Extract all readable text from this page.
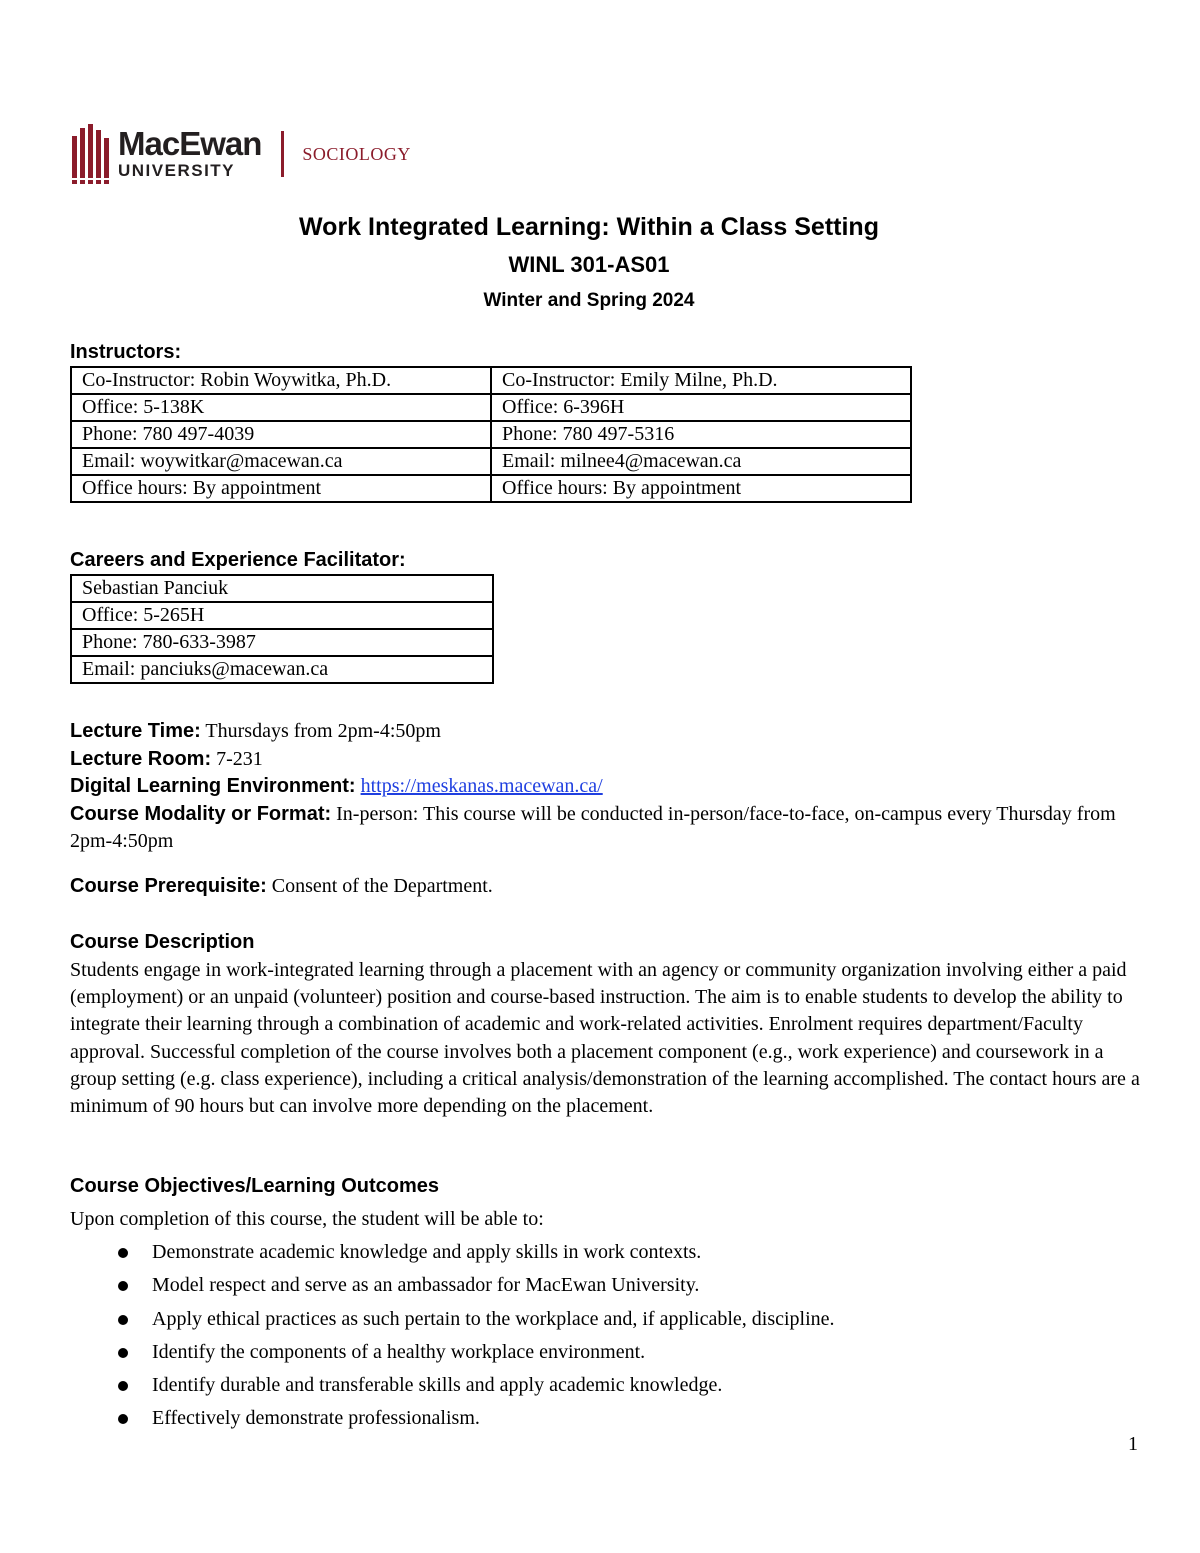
MacEwan
UNIVERSITY
SOCIOLOGY
Work Integrated Learning: Within a Class Setting
WINL 301-AS01
Winter and Spring 2024
Instructors:
Co-Instructor: Robin Woywitka, Ph.D.	Co-Instructor: Emily Milne, Ph.D.
Office: 5-138K	Office: 6-396H
Phone: 780 497-4039	Phone: 780 497-5316
Email: woywitkar@macewan.ca	Email: milnee4@macewan.ca
Office hours: By appointment	Office hours: By appointment
Careers and Experience Facilitator:
Sebastian Panciuk
Office: 5-265H
Phone: 780-633-3987
Email: panciuks@macewan.ca

Lecture Time: Thursdays from 2pm-4:50pm

Lecture Room: 7-231

Digital Learning Environment: https://meskanas.macewan.ca/

Course Modality or Format: In-person: This course will be conducted in-person/face-to-face, on-campus every Thursday from 2pm-4:50pm

Course Prerequisite: Consent of the Department.
Course Description
Students engage in work-integrated learning through a placement with an agency or community organization involving either a paid (employment) or an unpaid (volunteer) position and course-based instruction. The aim is to enable students to develop the ability to integrate their learning through a combination of academic and work-related activities. Enrolment requires department/Faculty approval. Successful completion of the course involves both a placement component (e.g., work experience) and coursework in a group setting (e.g. class experience), including a critical analysis/demonstration of the learning accomplished. The contact hours are a minimum of 90 hours but can involve more depending on the placement.
Course Objectives/Learning Outcomes
Upon completion of this course, the student will be able to:
Demonstrate academic knowledge and apply skills in work contexts.
Model respect and serve as an ambassador for MacEwan University.
Apply ethical practices as such pertain to the workplace and, if applicable, discipline.
Identify the components of a healthy workplace environment.
Identify durable and transferable skills and apply academic knowledge.
Effectively demonstrate professionalism.
1
